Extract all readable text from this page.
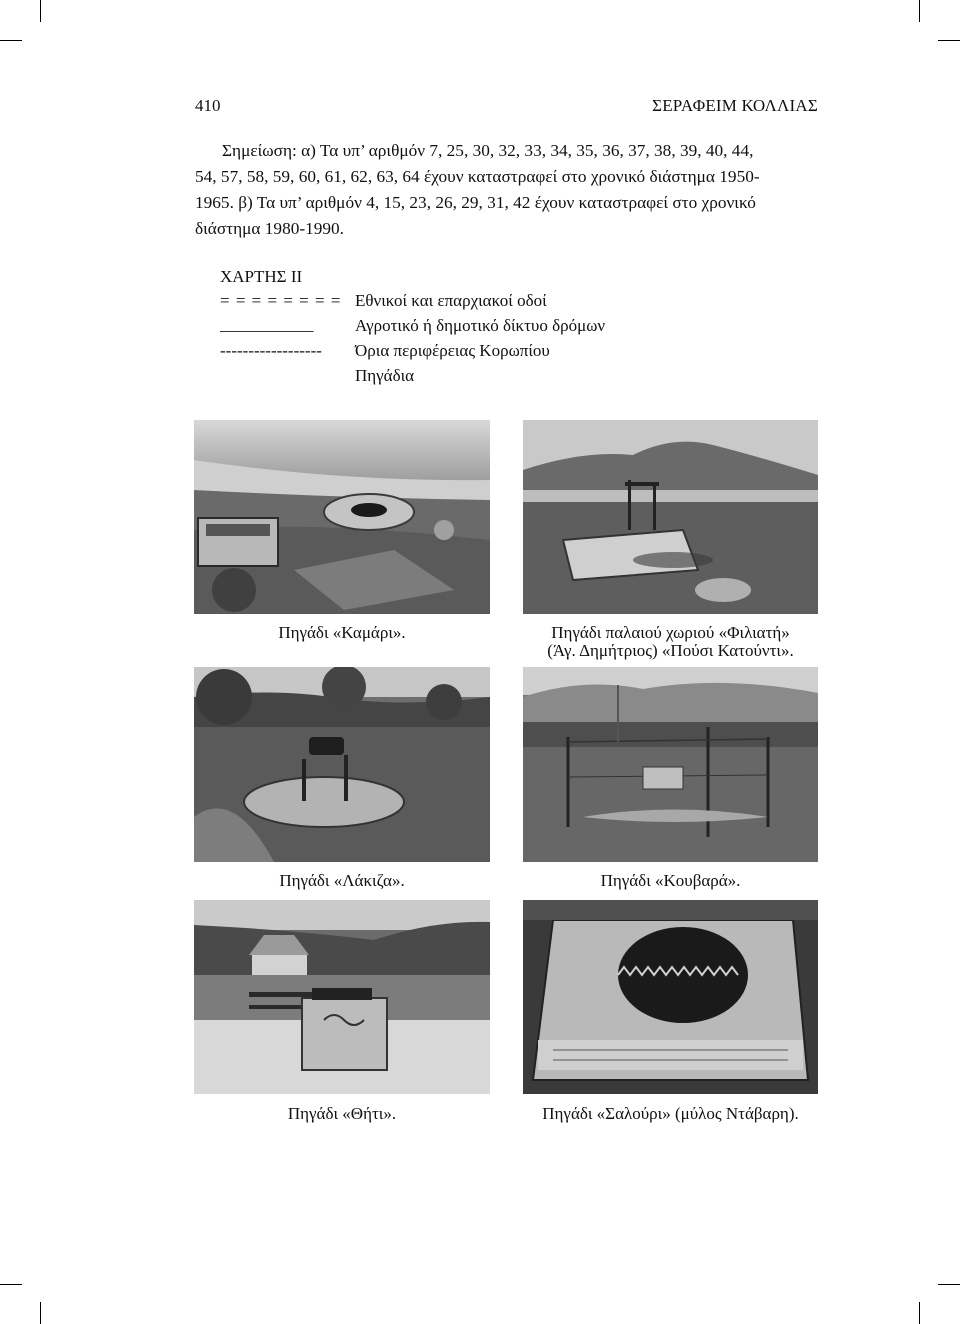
410	ΣΕΡΑΦΕΙΜ ΚΟΛΛΙΑΣ
Σημείωση: α) Τα υπ’ αριθμόν 7, 25, 30, 32, 33, 34, 35, 36, 37, 38, 39, 40, 44,
54, 57, 58, 59, 60, 61, 62, 63, 64 έχουν καταστραφεί στο χρονικό διάστημα 1950-
1965. β) Τα υπ’ αριθμόν 4, 15, 23, 26, 29, 31, 42 έχουν καταστραφεί στο χρονικό
διάστημα 1980-1990.
ΧΑΡΤΗΣ ΙΙ
= = = = = = = = Εθνικοί και επαρχιακοί οδοί
___________	Αγροτικό ή δημοτικό δίκτυο δρόμων
------------------	Όρια περιφέρειας Κορωπίου
Πηγάδια
Πηγάδι «Καμάρι».	Πηγάδι παλαιού χωριού «Φιλιατή»
(Άγ. Δημήτριος) «Πούσι Κατούντι».
Πηγάδι «Λάκιζα».	Πηγάδι «Κουβαρά».
Πηγάδι «Θήτι».	Πηγάδι «Σαλούρι» (μύλος Ντάβαρη).
